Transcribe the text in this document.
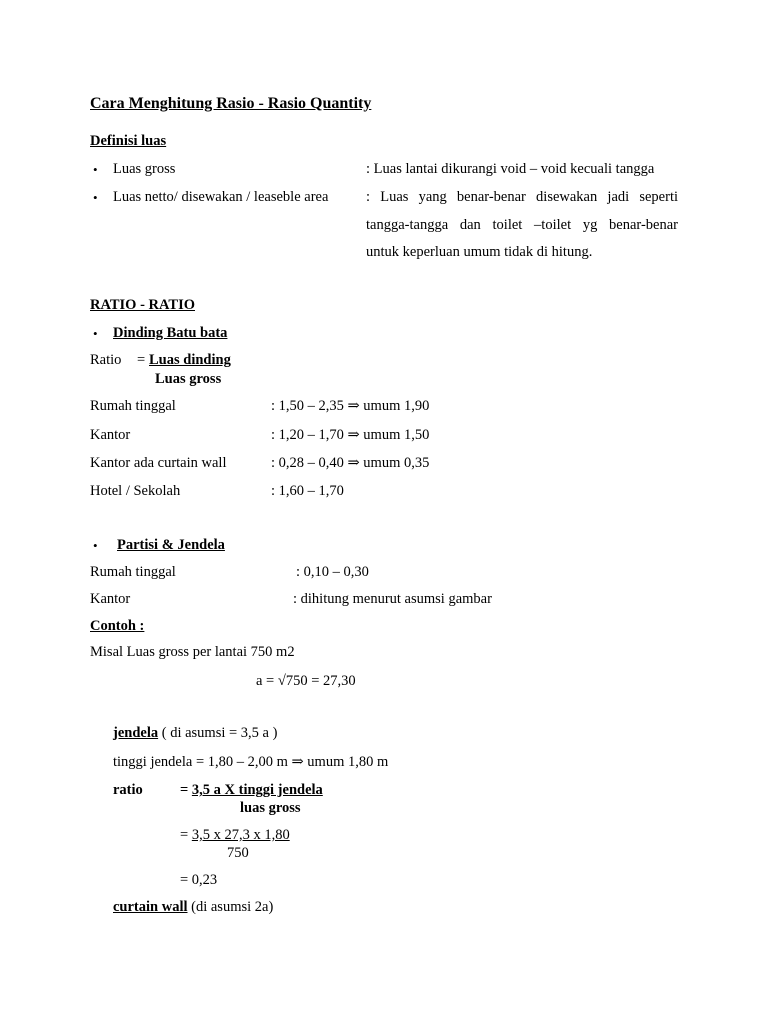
Cara Menghitung Rasio - Rasio Quantity
Definisi luas
• Luas gross	: Luas lantai dikurangi void – void kecuali tangga
• Luas netto/ disewakan / leaseble area	: Luas yang benar-benar disewakan jadi seperti
tangga-tangga dan toilet –toilet yg benar-benar
untuk keperluan umum tidak di hitung.
RATIO - RATIO
• Dinding Batu bata
Ratio = Luas dinding
Luas gross
Rumah tinggal	: 1,50 – 2,35 ⇒ umum 1,90
Kantor	: 1,20 – 1,70 ⇒ umum 1,50
Kantor ada curtain wall	: 0,28 – 0,40 ⇒ umum 0,35
Hotel / Sekolah	: 1,60 – 1,70
• Partisi & Jendela
Rumah tinggal	: 0,10 – 0,30
Kantor	: dihitung menurut asumsi gambar
Contoh :
Misal Luas gross per lantai 750 m2
a = √750 = 27,30
jendela ( di asumsi = 3,5 a )
tinggi jendela = 1,80 – 2,00 m ⇒ umum 1,80 m
ratio	= 3,5 a X tinggi jendela
luas gross
= 3,5 x 27,3 x 1,80
750
= 0,23
curtain wall (di asumsi 2a)
